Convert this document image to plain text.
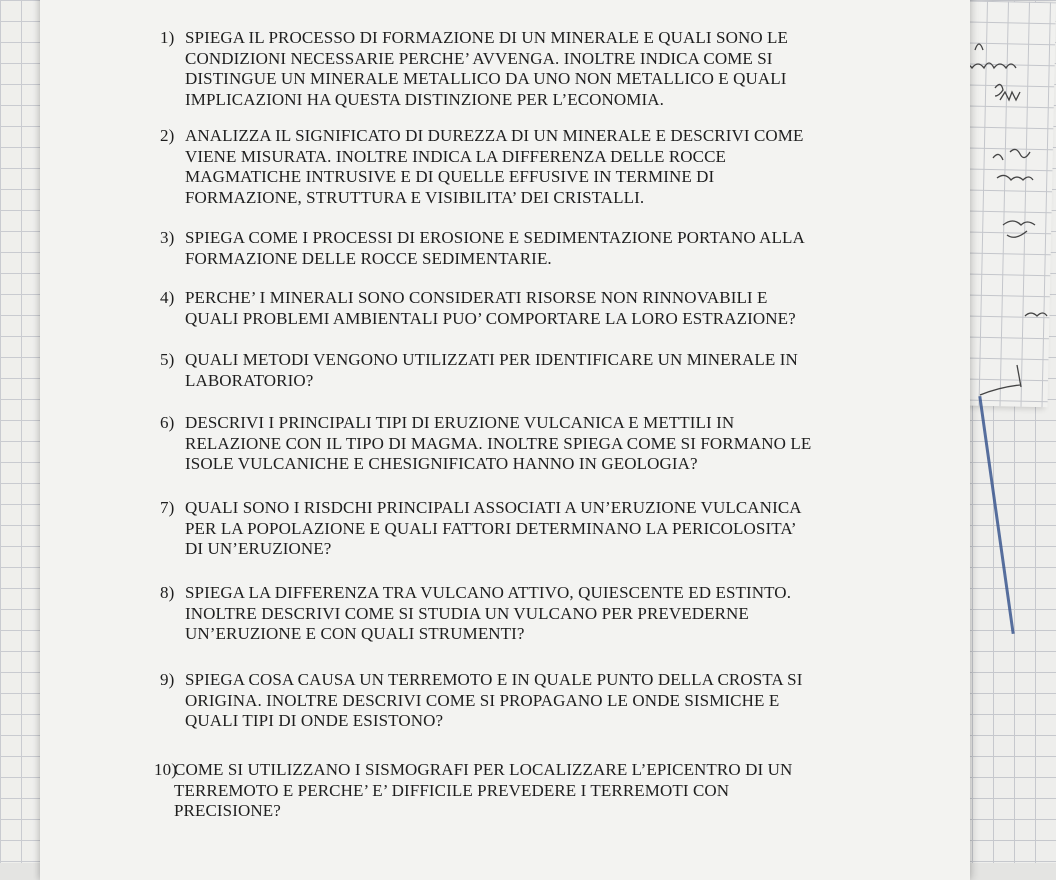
1) SPIEGA IL PROCESSO DI FORMAZIONE DI UN MINERALE E QUALI SONO LE
CONDIZIONI NECESSARIE PERCHE’ AVVENGA. INOLTRE INDICA COME SI
DISTINGUE UN MINERALE METALLICO DA UNO NON METALLICO E QUALI
IMPLICAZIONI HA QUESTA DISTINZIONE PER L’ECONOMIA.
2) ANALIZZA IL SIGNIFICATO DI DUREZZA DI UN MINERALE E DESCRIVI COME
VIENE MISURATA. INOLTRE INDICA LA DIFFERENZA DELLE ROCCE
MAGMATICHE INTRUSIVE E DI QUELLE EFFUSIVE IN TERMINE DI
FORMAZIONE, STRUTTURA E VISIBILITA’ DEI CRISTALLI.
3) SPIEGA COME I PROCESSI DI EROSIONE E SEDIMENTAZIONE PORTANO ALLA
FORMAZIONE DELLE ROCCE SEDIMENTARIE.
4) PERCHE’ I MINERALI SONO CONSIDERATI RISORSE NON RINNOVABILI E
QUALI PROBLEMI AMBIENTALI PUO’ COMPORTARE LA LORO ESTRAZIONE?
5) QUALI METODI VENGONO UTILIZZATI PER IDENTIFICARE UN MINERALE IN
LABORATORIO?
6) DESCRIVI I PRINCIPALI TIPI DI ERUZIONE VULCANICA E METTILI IN
RELAZIONE CON IL TIPO DI MAGMA. INOLTRE SPIEGA COME SI FORMANO LE
ISOLE VULCANICHE E CHESIGNIFICATO HANNO IN GEOLOGIA?
7) QUALI SONO I RISDCHI PRINCIPALI ASSOCIATI A UN’ERUZIONE VULCANICA
PER LA POPOLAZIONE E QUALI FATTORI DETERMINANO LA PERICOLOSITA’
DI UN’ERUZIONE?
8) SPIEGA LA DIFFERENZA TRA VULCANO ATTIVO, QUIESCENTE ED ESTINTO.
INOLTRE DESCRIVI COME SI STUDIA UN VULCANO PER PREVEDERNE
UN’ERUZIONE E CON QUALI STRUMENTI?
9) SPIEGA COSA CAUSA UN TERREMOTO E IN QUALE PUNTO DELLA CROSTA SI
ORIGINA. INOLTRE DESCRIVI COME SI PROPAGANO LE ONDE SISMICHE E
QUALI TIPI DI ONDE ESISTONO?
10)
COME SI UTILIZZANO I SISMOGRAFI PER LOCALIZZARE L’EPICENTRO DI UN
TERREMOTO E PERCHE’ E’ DIFFICILE PREVEDERE I TERREMOTI CON
PRECISIONE?
